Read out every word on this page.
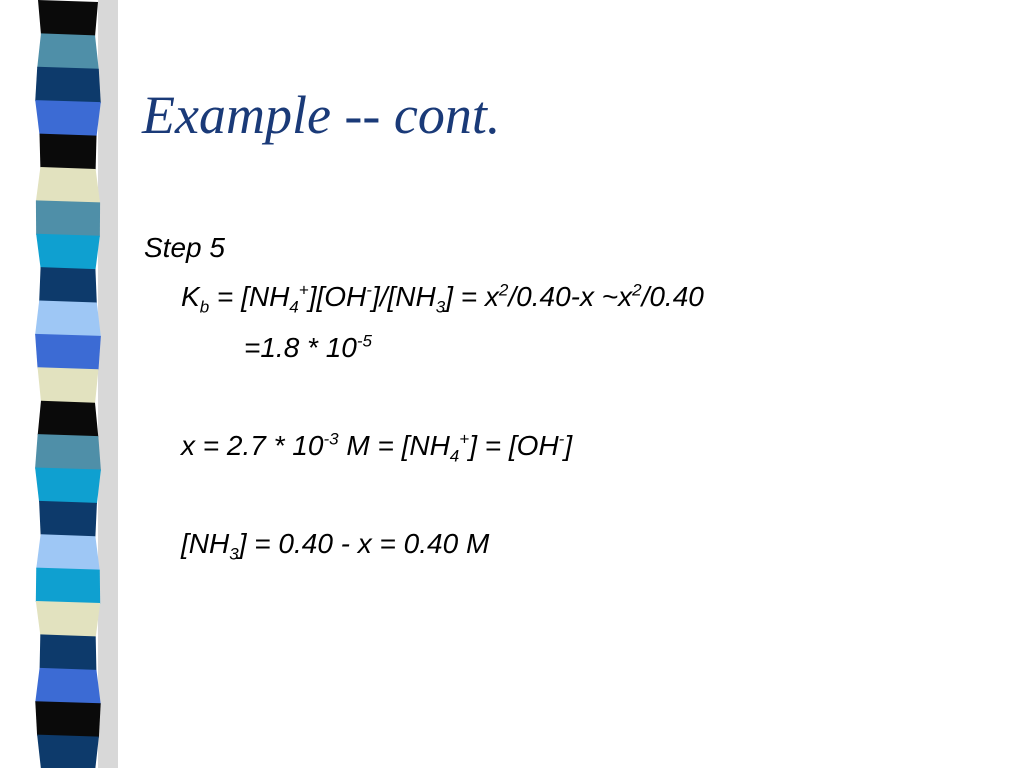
Example -- cont.
Step 5
$K_b = [NH_4^+][OH^-]/[NH_3] = x^2/0.40-x$ $\sim x^2/0.40$
$=1.8 * 10^{-5}$
$x = 2.7 * 10^{-3}$ $M = [NH_4^+] = [OH^-]$
$[NH_3] = 0.40 - x = 0.40$ M
